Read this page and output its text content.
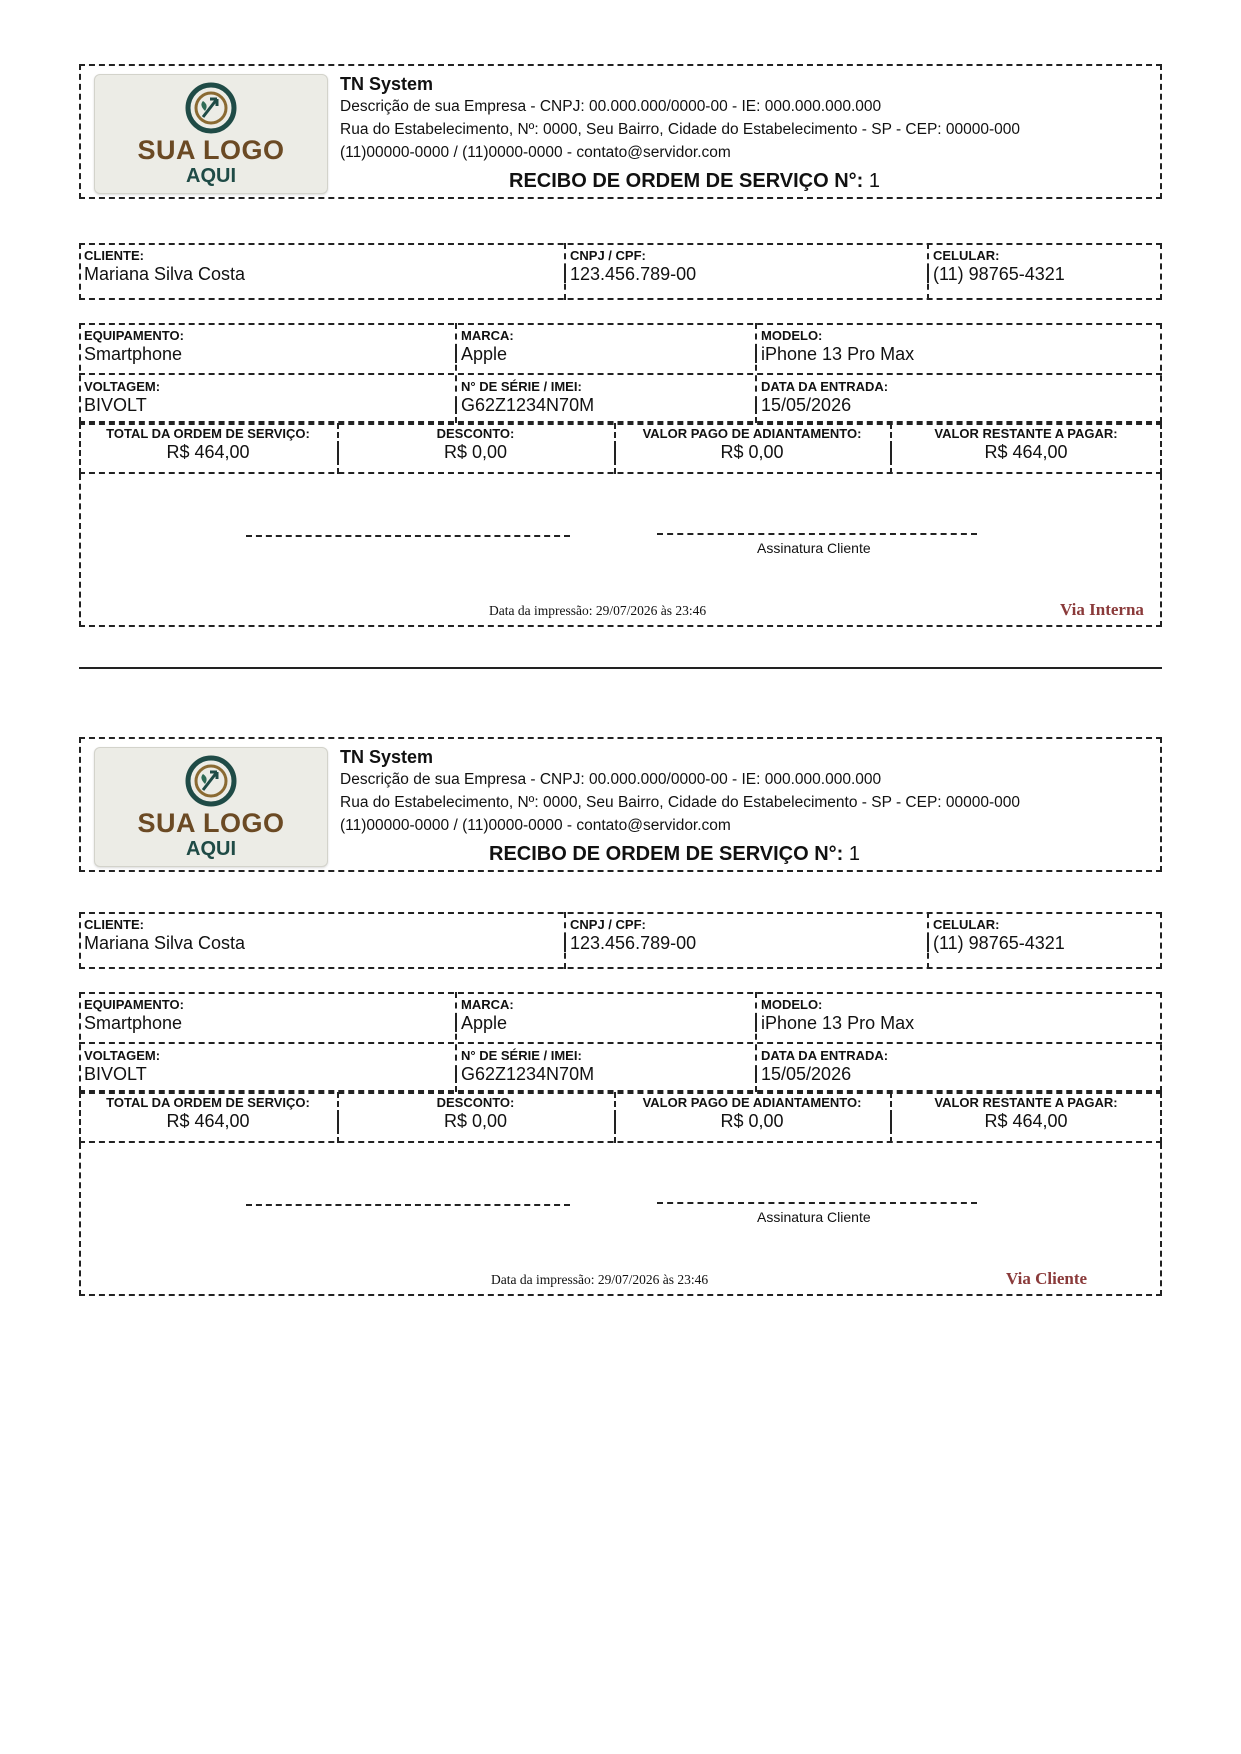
SUA LOGO
AQUI
TN System
Descrição de sua Empresa - CNPJ: 00.000.000/0000-00 - IE: 000.000.000.000
Rua do Estabelecimento, Nº: 0000, Seu Bairro, Cidade do Estabelecimento - SP - CEP: 00000-000
(11)00000-0000 / (11)0000-0000 - contato@servidor.com
RECIBO DE ORDEM DE SERVIÇO N°: 1
CLIENTE:
Mariana Silva Costa
CNPJ / CPF:
123.456.789-00
CELULAR:
(11) 98765-4321
EQUIPAMENTO:
Smartphone
MARCA:
Apple
MODELO:
iPhone 13 Pro Max
VOLTAGEM:
BIVOLT
N° DE SÉRIE / IMEI:
G62Z1234N70M
DATA DA ENTRADA:
15/05/2026
TOTAL DA ORDEM DE SERVIÇO:
R$ 464,00
DESCONTO:
R$ 0,00
VALOR PAGO DE ADIANTAMENTO:
R$ 0,00
VALOR RESTANTE A PAGAR:
R$ 464,00
Assinatura Cliente
Data da impressão: 29/07/2026 às 23:46	Via Interna
SUA LOGO
AQUI
TN System
Descrição de sua Empresa - CNPJ: 00.000.000/0000-00 - IE: 000.000.000.000
Rua do Estabelecimento, Nº: 0000, Seu Bairro, Cidade do Estabelecimento - SP - CEP: 00000-000
(11)00000-0000 / (11)0000-0000 - contato@servidor.com
RECIBO DE ORDEM DE SERVIÇO N°: 1
CLIENTE:
Mariana Silva Costa
CNPJ / CPF:
123.456.789-00
CELULAR:
(11) 98765-4321
EQUIPAMENTO:
Smartphone
MARCA:
Apple
MODELO:
iPhone 13 Pro Max
VOLTAGEM:
BIVOLT
N° DE SÉRIE / IMEI:
G62Z1234N70M
DATA DA ENTRADA:
15/05/2026
TOTAL DA ORDEM DE SERVIÇO:
R$ 464,00
DESCONTO:
R$ 0,00
VALOR PAGO DE ADIANTAMENTO:
R$ 0,00
VALOR RESTANTE A PAGAR:
R$ 464,00
Assinatura Cliente
Data da impressão: 29/07/2026 às 23:46	Via Cliente
